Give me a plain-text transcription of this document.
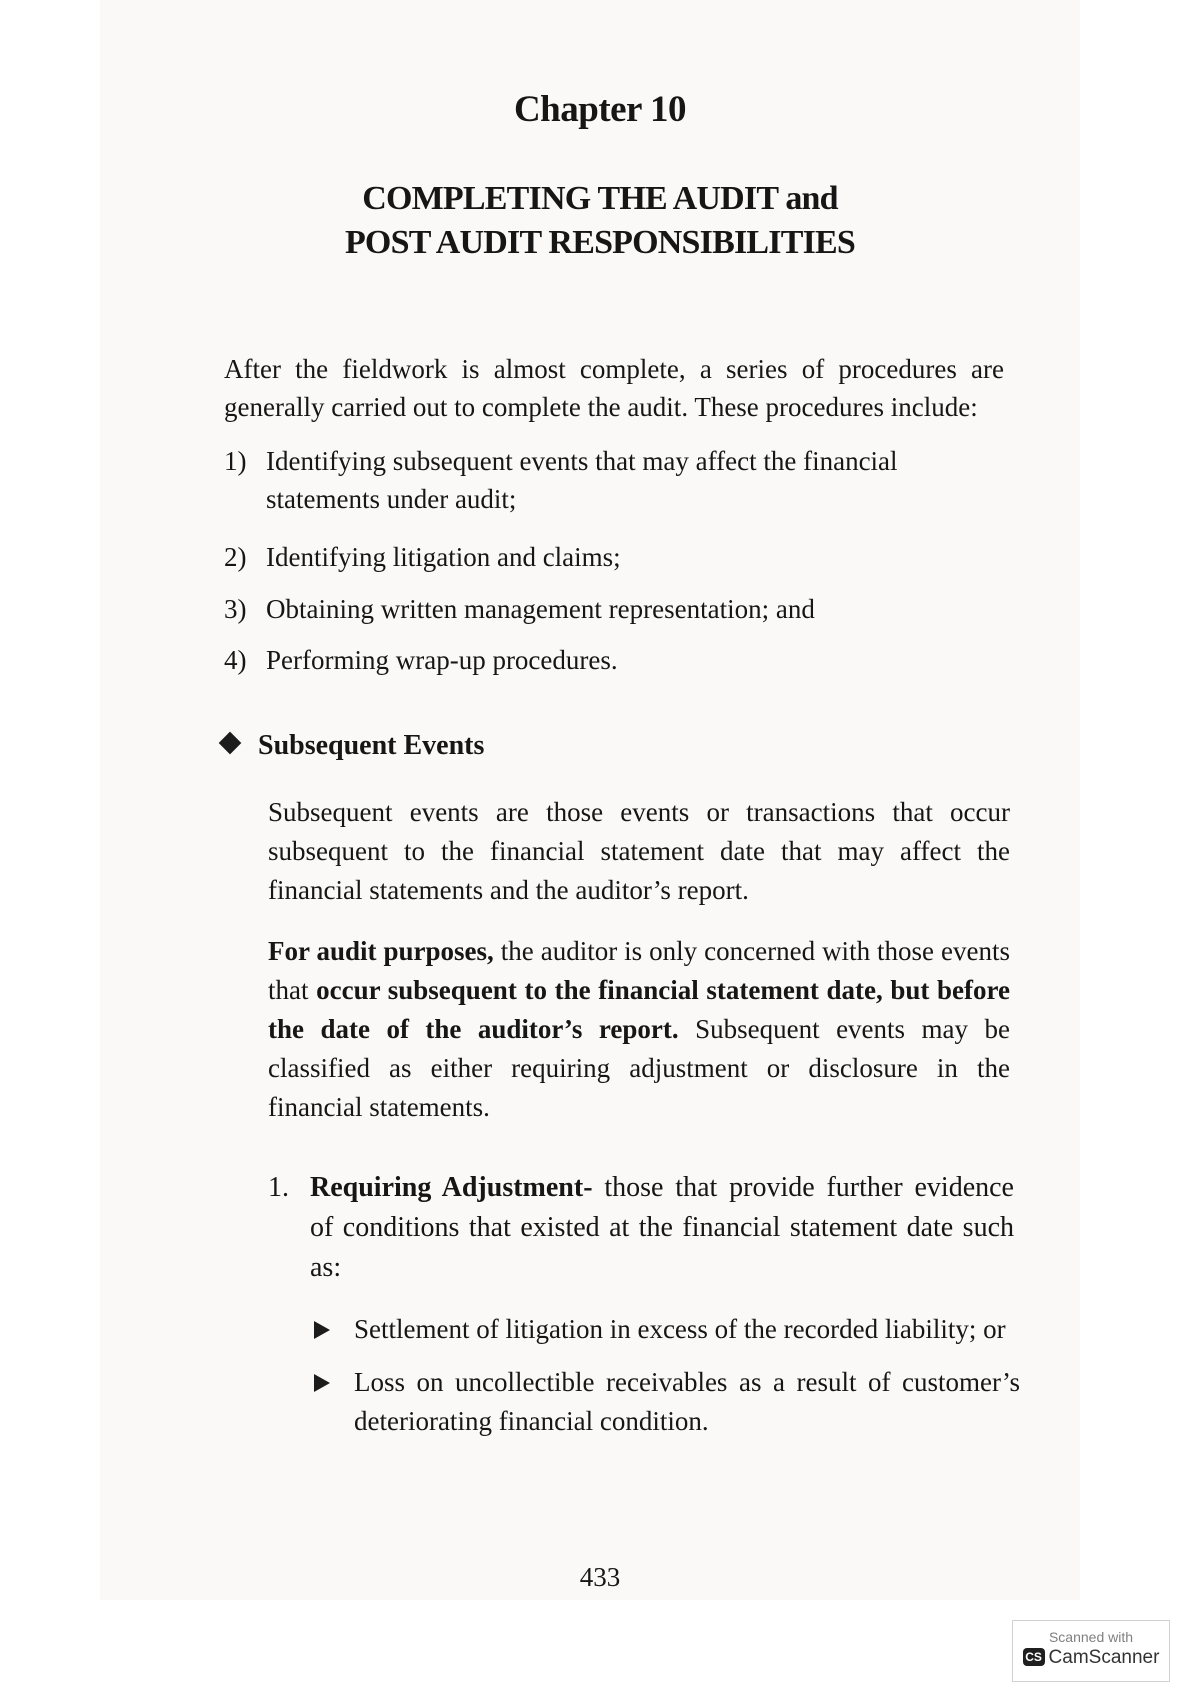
Chapter 10
COMPLETING THE AUDIT and
POST AUDIT RESPONSIBILITIES

After the fieldwork is almost complete, a series of procedures are generally carried out to complete the audit. These procedures include:

1) Identifying subsequent events that may affect the financial statements under audit;
2) Identifying litigation and claims;
3) Obtaining written management representation; and
4) Performing wrap-up procedures.
Subsequent Events

Subsequent events are those events or transactions that occur subsequent to the financial statement date that may affect the financial statements and the auditor’s report.

For audit purposes, the auditor is only concerned with those events that occur subsequent to the financial statement date, but before the date of the auditor’s report. Subsequent events may be classified as either requiring adjustment or disclosure in the financial statements.

1. Requiring Adjustment- those that provide further evidence of conditions that existed at the financial statement date such as:
Settlement of litigation in excess of the recorded liability; or
Loss on uncollectible receivables as a result of customer’s deteriorating financial condition.
433
Scanned with
CS CamScanner
